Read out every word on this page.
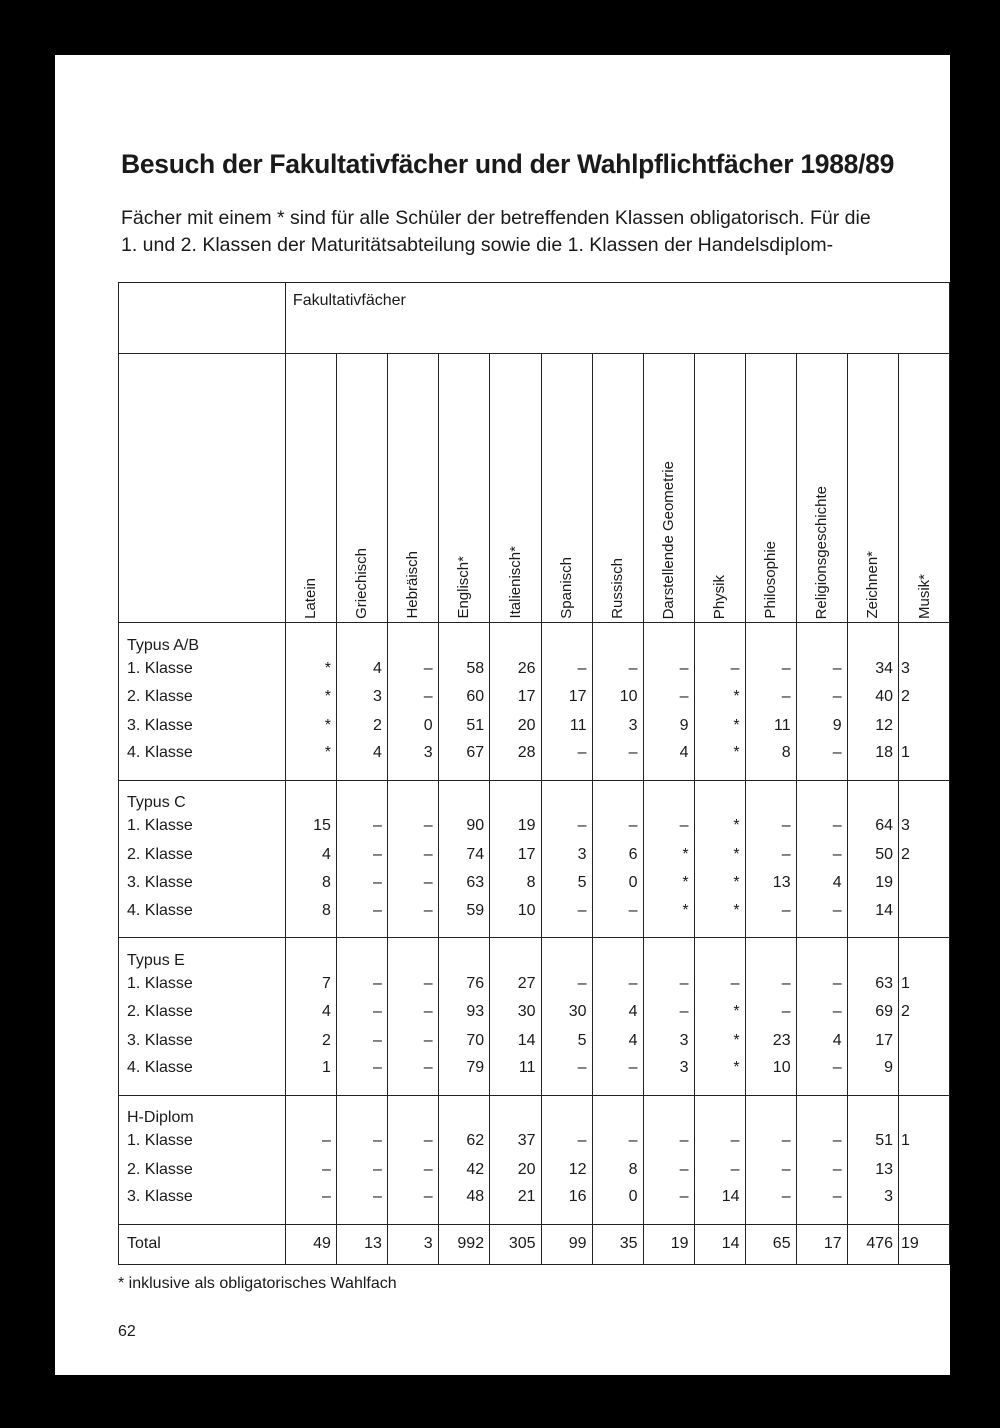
Besuch der Fakultativfächer und der Wahlpflichtfächer 1988/89
Fächer mit einem * sind für alle Schüler der betreffenden Klassen obligatorisch. Für die
1. und 2. Klassen der Maturitätsabteilung sowie die 1. Klassen der Handelsdiplom-
	Fakultativfächer												

	Latein	Griechisch	Hebräisch	Englisch*	Italienisch*	Spanisch	Russisch	Darstellende Geometrie	Physik	Philosophie	Religionsgeschichte	Zeichnen*	Musik*

Typus A/B													
1. Klasse	*	4	–	58	26	–	–	–	–	–	–	34	3
2. Klasse	*	3	–	60	17	17	10	–	*	–	–	40	2
3. Klasse	*	2	0	51	20	11	3	9	*	11	9	12	
4. Klasse	*	4	3	67	28	–	–	4	*	8	–	18	1
Typus C													
1. Klasse	15	–	–	90	19	–	–	–	*	–	–	64	3
2. Klasse	4	–	–	74	17	3	6	*	*	–	–	50	2
3. Klasse	8	–	–	63	8	5	0	*	*	13	4	19	
4. Klasse	8	–	–	59	10	–	–	*	*	–	–	14	
Typus E													
1. Klasse	7	–	–	76	27	–	–	–	–	–	–	63	1
2. Klasse	4	–	–	93	30	30	4	–	*	–	–	69	2
3. Klasse	2	–	–	70	14	5	4	3	*	23	4	17	
4. Klasse	1	–	–	79	11	–	–	3	*	10	–	9	
H-Diplom													
1. Klasse	–	–	–	62	37	–	–	–	–	–	–	51	1
2. Klasse	–	–	–	42	20	12	8	–	–	–	–	13	
3. Klasse	–	–	–	48	21	16	0	–	14	–	–	3	
Total	49	13	3	992	305	99	35	19	14	65	17	476	19
* inklusive als obligatorisches Wahlfach
62
